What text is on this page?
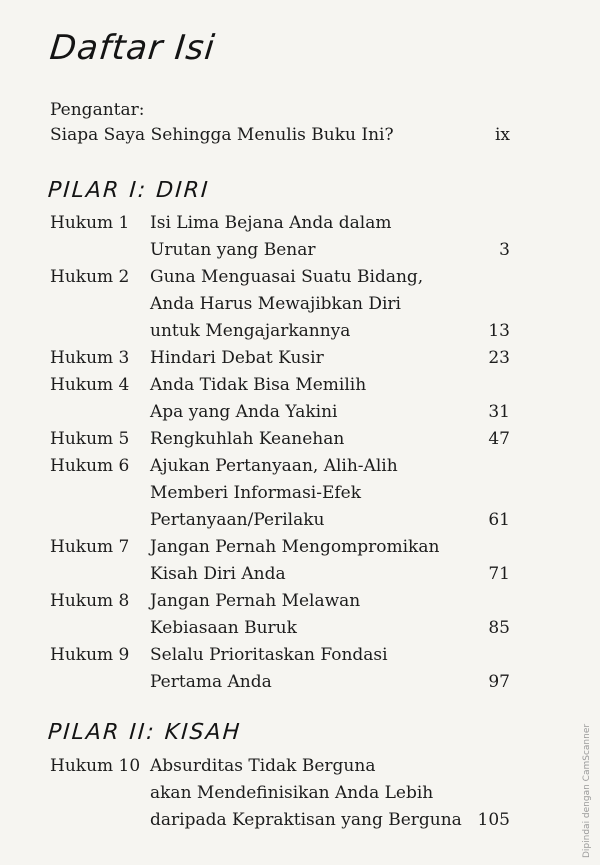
Daftar Isi
Pengantar:
Siapa Saya Sehingga Menulis Buku Ini?	ix
PILAR I: DIRI
Hukum 1 Isi Lima Bejana Anda dalam
Urutan yang Benar	3
Hukum 2 Guna Menguasai Suatu Bidang,
Anda Harus Mewajibkan Diri
untuk Mengajarkannya	13
Hukum 3 Hindari Debat Kusir	23
Hukum 4 Anda Tidak Bisa Memilih
Apa yang Anda Yakini	31
Hukum 5 Rengkuhlah Keanehan	47
Hukum 6 Ajukan Pertanyaan, Alih-Alih
Memberi Informasi-Efek
Pertanyaan/Perilaku	61
Hukum 7 Jangan Pernah Mengompromikan
Kisah Diri Anda	71
Hukum 8 Jangan Pernah Melawan
Kebiasaan Buruk	85
Hukum 9 Selalu Prioritaskan Fondasi
Pertama Anda	97
PILAR II: KISAH
Hukum 10 Absurditas Tidak Berguna
akan Mendefinisikan Anda Lebih
daripada Kepraktisan yang Berguna 105	Dipindai dengan CamScanner
